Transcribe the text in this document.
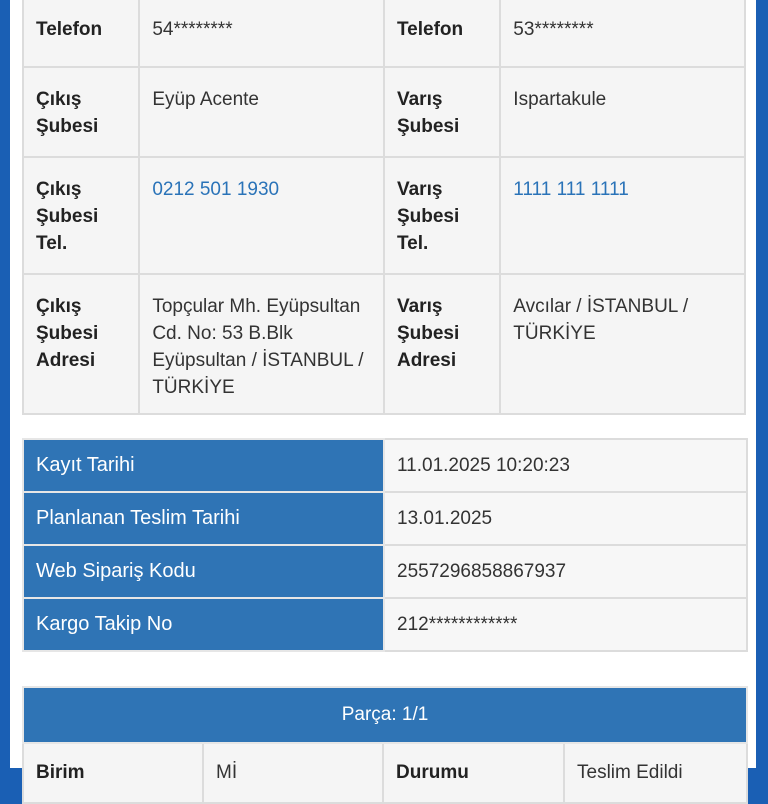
Telefon	54********	Telefon	53********
Çıkış Şubesi	Eyüp Acente	Varış Şubesi	Ispartakule
Çıkış Şubesi Tel.	0212 501 1930	Varış Şubesi Tel.	1111 111 1111
Çıkış Şubesi Adresi	Topçular Mh. Eyüpsultan Cd. No: 53 B.Blk Eyüpsultan / İSTANBUL / TÜRKİYE	Varış Şubesi Adresi	Avcılar / İSTANBUL / TÜRKİYE
Kayıt Tarihi	11.01.2025 10:20:23
Planlanan Teslim Tarihi	13.01.2025
Web Sipariş Kodu	2557296858867937
Kargo Takip No	212************
Parça: 1/1
Birim	Mİ	Durumu	Teslim Edildi
